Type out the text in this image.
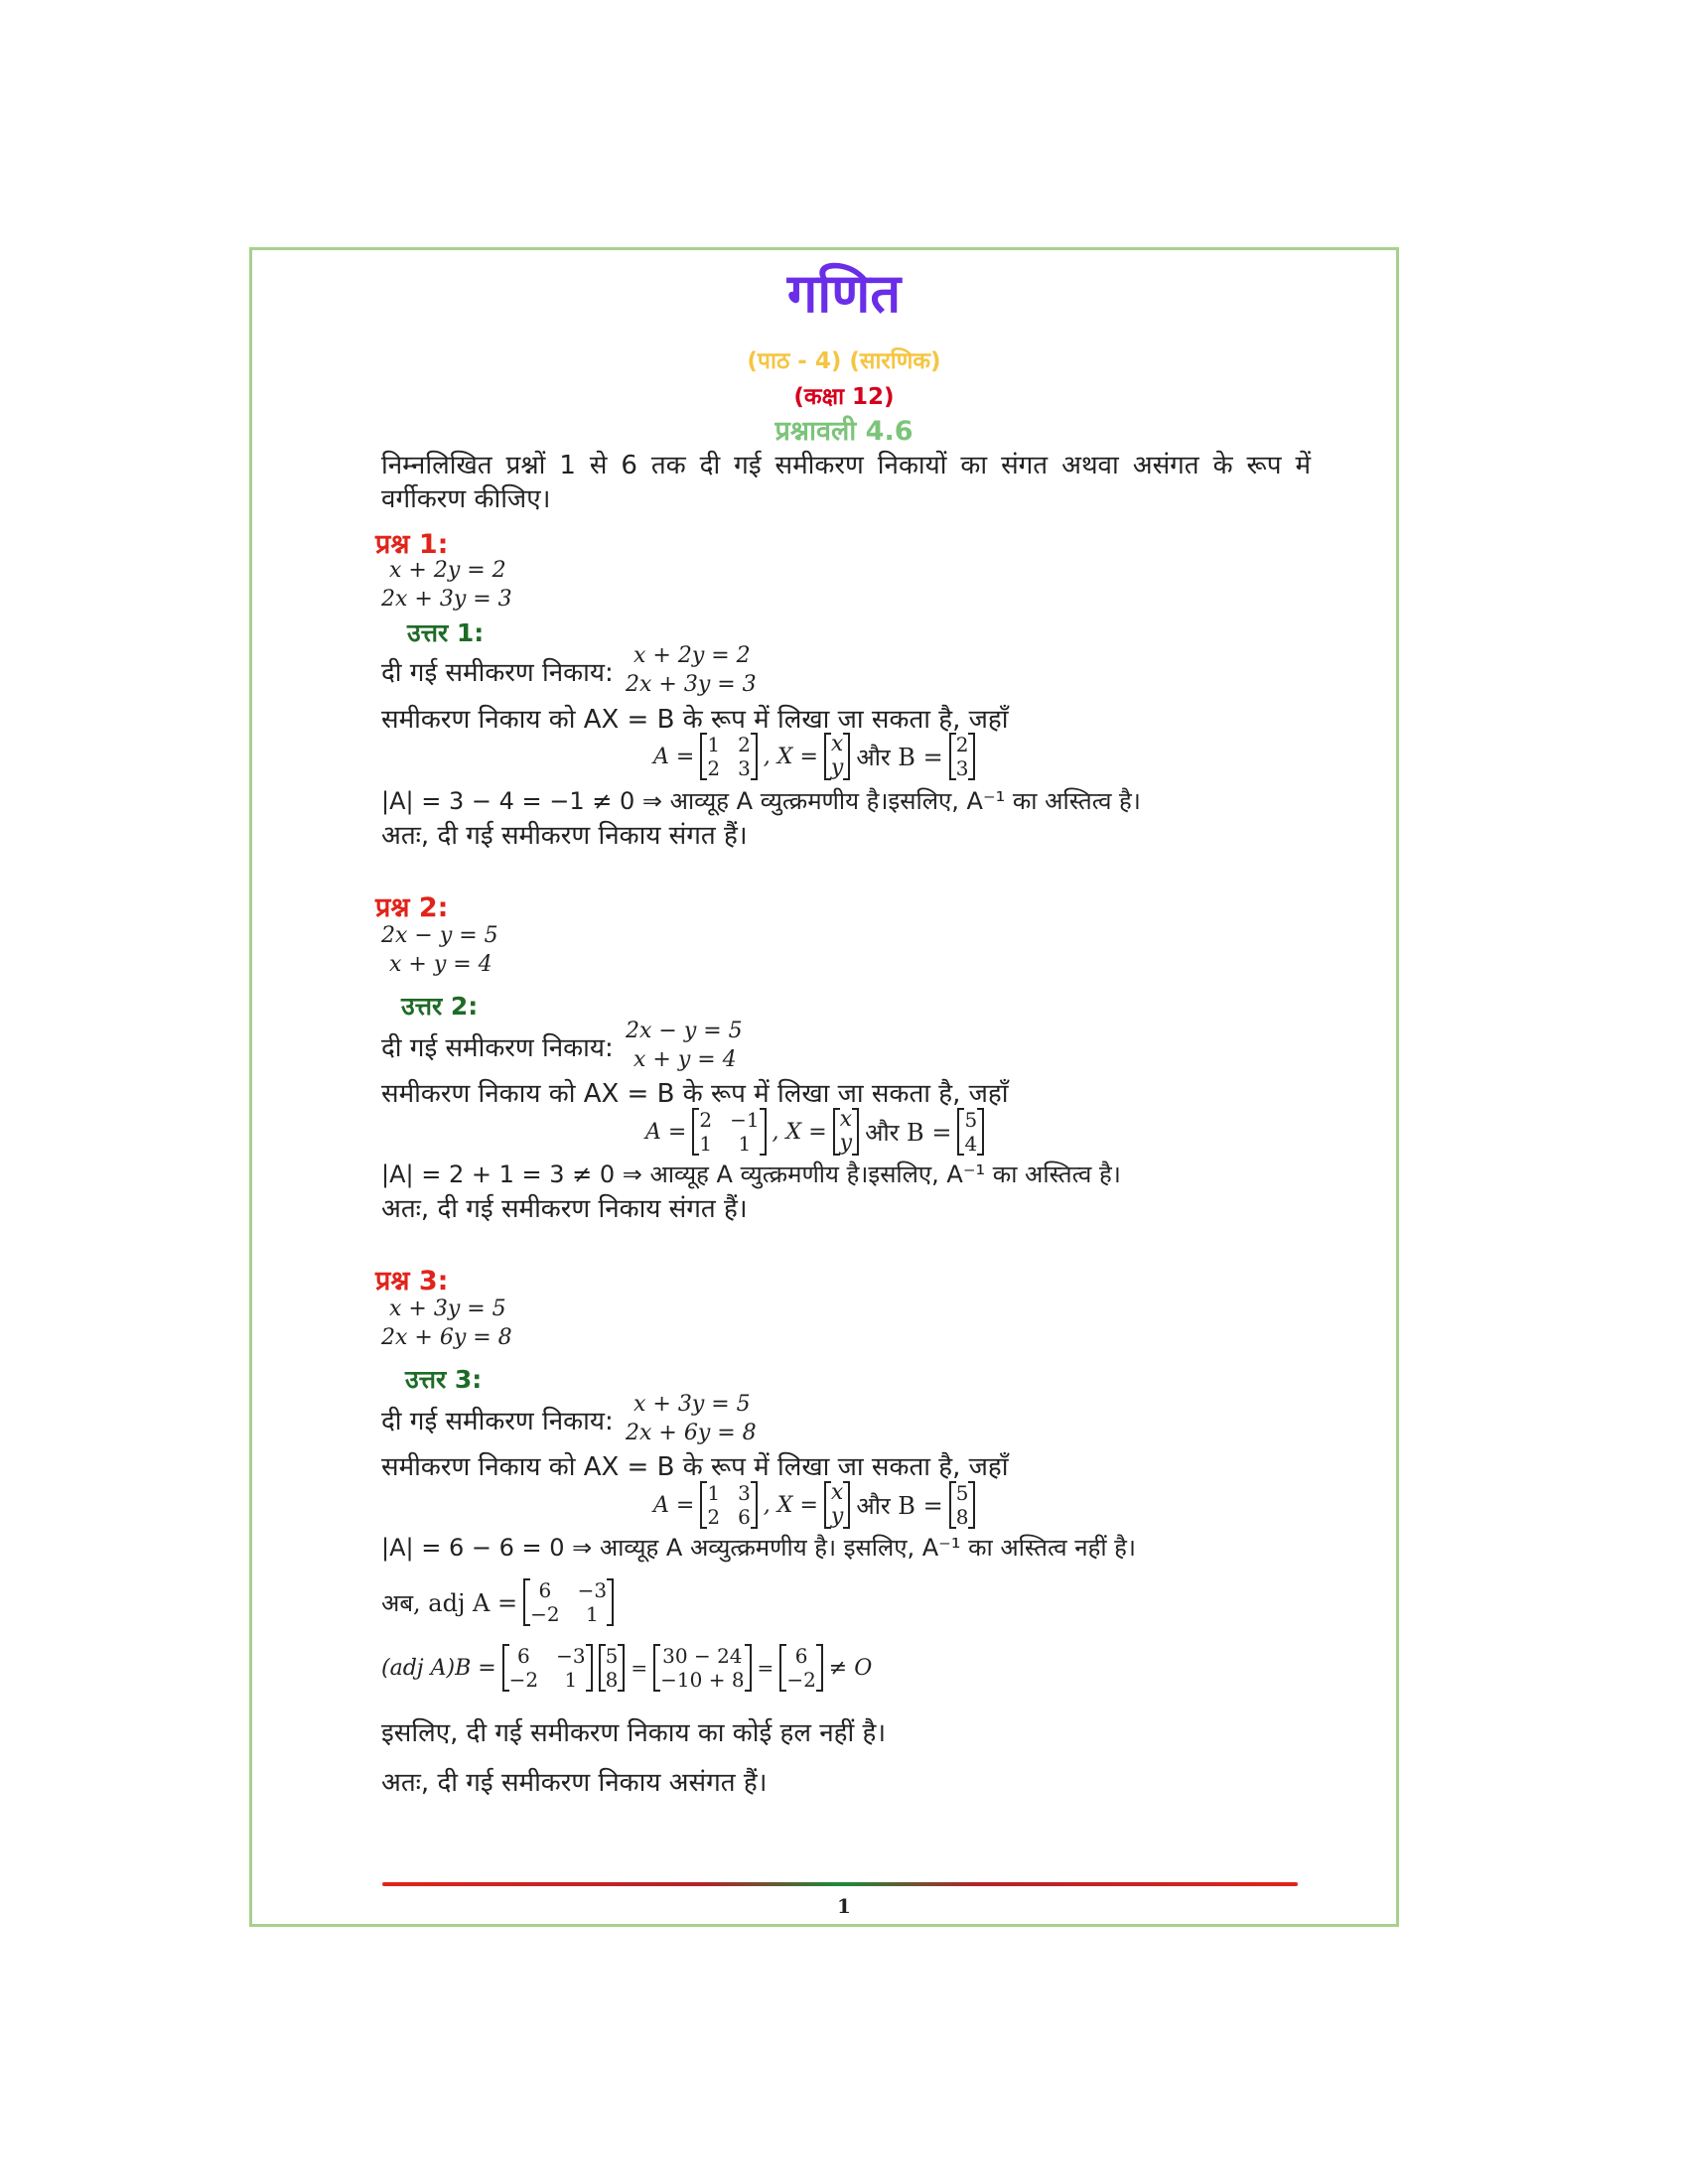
गणित
(पाठ - 4) (सारणिक)
(कक्षा 12)
प्रश्नावली 4.6
निम्नलिखित प्रश्नों 1 से 6 तक दी गई समीकरण निकायों का संगत अथवा असंगत के रूप में वर्गीकरण कीजिए।
प्रश्न 1:
x + 2y = 2
2x + 3y = 3
उत्तर 1:
दी गई समीकरण निकाय:
x + 2y = 2
2x + 3y = 3
समीकरण निकाय को AX = B के रूप में लिखा जा सकता है, जहाँ
A = 1 2
2 3 , X = x
y और B = 2
3
|A| = 3 − 4 = −1 ≠ 0 ⇒ आव्यूह A व्युत्क्रमणीय है।इसलिए, A⁻¹ का अस्तित्व है।
अतः, दी गई समीकरण निकाय संगत हैं।
प्रश्न 2:
2x − y = 5
x + y = 4
उत्तर 2:
दी गई समीकरण निकाय:
2x − y = 5
x + y = 4
समीकरण निकाय को AX = B के रूप में लिखा जा सकता है, जहाँ
A = 2 −1
1	1 , X = x
y और B = 5
4
|A| = 2 + 1 = 3 ≠ 0 ⇒ आव्यूह A व्युत्क्रमणीय है।इसलिए, A⁻¹ का अस्तित्व है।
अतः, दी गई समीकरण निकाय संगत हैं।
प्रश्न 3:
x + 3y = 5
2x + 6y = 8
उत्तर 3:
दी गई समीकरण निकाय:
x + 3y = 5
2x + 6y = 8
समीकरण निकाय को AX = B के रूप में लिखा जा सकता है, जहाँ
A = 1 3
2 6 , X = x
y और B = 5
8
|A| = 6 − 6 = 0 ⇒ आव्यूह A अव्युत्क्रमणीय है। इसलिए, A⁻¹ का अस्तित्व नहीं है।
अब, adj A =	6	−3
−2	1
(adj A)B =	6	−3
−2	1
5
8 = 30 − 24
−10 + 8 =	6
−2 ≠ O
इसलिए, दी गई समीकरण निकाय का कोई हल नहीं है।
अतः, दी गई समीकरण निकाय असंगत हैं।
1
